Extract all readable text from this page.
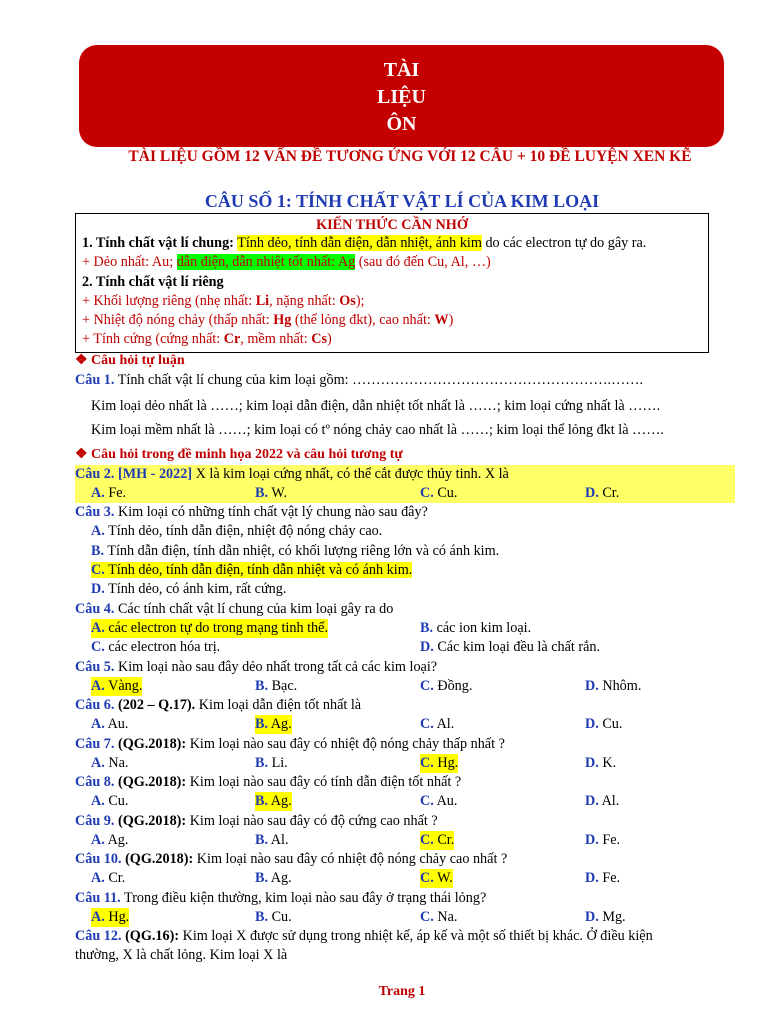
TÀI
LIỆU
ÔN
TÀI LIỆU GỒM 12 VẤN ĐỀ TƯƠNG ỨNG VỚI 12 CÂU + 10 ĐỀ LUYỆN XEN KẼ
CÂU SỐ 1: TÍNH CHẤT VẬT LÍ CỦA KIM LOẠI
KIẾN THỨC CẦN NHỚ
1. Tính chất vật lí chung: Tính dẻo, tính dẫn điện, dẫn nhiệt, ánh kim do các electron tự do gây ra.
+ Dẻo nhất: Au; dẫn điện, dẫn nhiệt tốt nhất: Ag (sau đó đến Cu, Al, …)
2. Tính chất vật lí riêng
+ Khối lượng riêng (nhẹ nhất: Li, nặng nhất: Os);
+ Nhiệt độ nóng chảy (thấp nhất: Hg (thể lỏng đkt), cao nhất: W)
+ Tính cứng (cứng nhất: Cr, mềm nhất: Cs)
❖ Câu hỏi tự luận
Câu 1. Tính chất vật lí chung của kim loại gồm: ……………………………………………….…….
Kim loại dẻo nhất là ……; kim loại dẫn điện, dẫn nhiệt tốt nhất là ……; kim loại cứng nhất là …….
Kim loại mềm nhất là ……; kim loại có tº nóng chảy cao nhất là ……; kim loại thể lỏng đkt là …….
❖ Câu hỏi trong đề minh họa 2022 và câu hỏi tương tự
Câu 2. [MH - 2022] X là kim loại cứng nhất, có thể cắt được thủy tinh. X là
A. Fe.	B. W.	C. Cu.	D. Cr.
Câu 3. Kim loại có những tính chất vật lý chung nào sau đây?
A. Tính dẻo, tính dẫn điện, nhiệt độ nóng chảy cao.
B. Tính dẫn điện, tính dẫn nhiệt, có khối lượng riêng lớn và có ánh kim.
C. Tính dẻo, tính dẫn điện, tính dẫn nhiệt và có ánh kim.
D. Tính dẻo, có ánh kim, rất cứng.
Câu 4. Các tính chất vật lí chung của kim loại gây ra do
A. các electron tự do trong mạng tinh thể.	B. các ion kim loại.
C. các electron hóa trị.	D. Các kim loại đều là chất rắn.
Câu 5. Kim loại nào sau đây dẻo nhất trong tất cả các kim loại?
A. Vàng.	B. Bạc.	C. Đồng.	D. Nhôm.
Câu 6. (202 – Q.17). Kim loại dẫn điện tốt nhất là
A. Au.	B. Ag.	C. Al.	D. Cu.
Câu 7. (QG.2018): Kim loại nào sau đây có nhiệt độ nóng chảy thấp nhất ?
A. Na.	B. Li.	C. Hg.	D. K.
Câu 8. (QG.2018): Kim loại nào sau đây có tính dẫn điện tốt nhất ?
A. Cu.	B. Ag.	C. Au.	D. Al.
Câu 9. (QG.2018): Kim loại nào sau đây có độ cứng cao nhất ?
A. Ag.	B. Al.	C. Cr.	D. Fe.
Câu 10. (QG.2018): Kim loại nào sau đây có nhiệt độ nóng chảy cao nhất ?
A. Cr.	B. Ag.	C. W.	D. Fe.
Câu 11. Trong điều kiện thường, kim loại nào sau đây ở trạng thái lỏng?
A. Hg.	B. Cu.	C. Na.	D. Mg.
Câu 12. (QG.16): Kim loại X được sử dụng trong nhiệt kế, áp kế và một số thiết bị khác. Ở điều kiện
thường, X là chất lỏng. Kim loại X là
Trang 1
